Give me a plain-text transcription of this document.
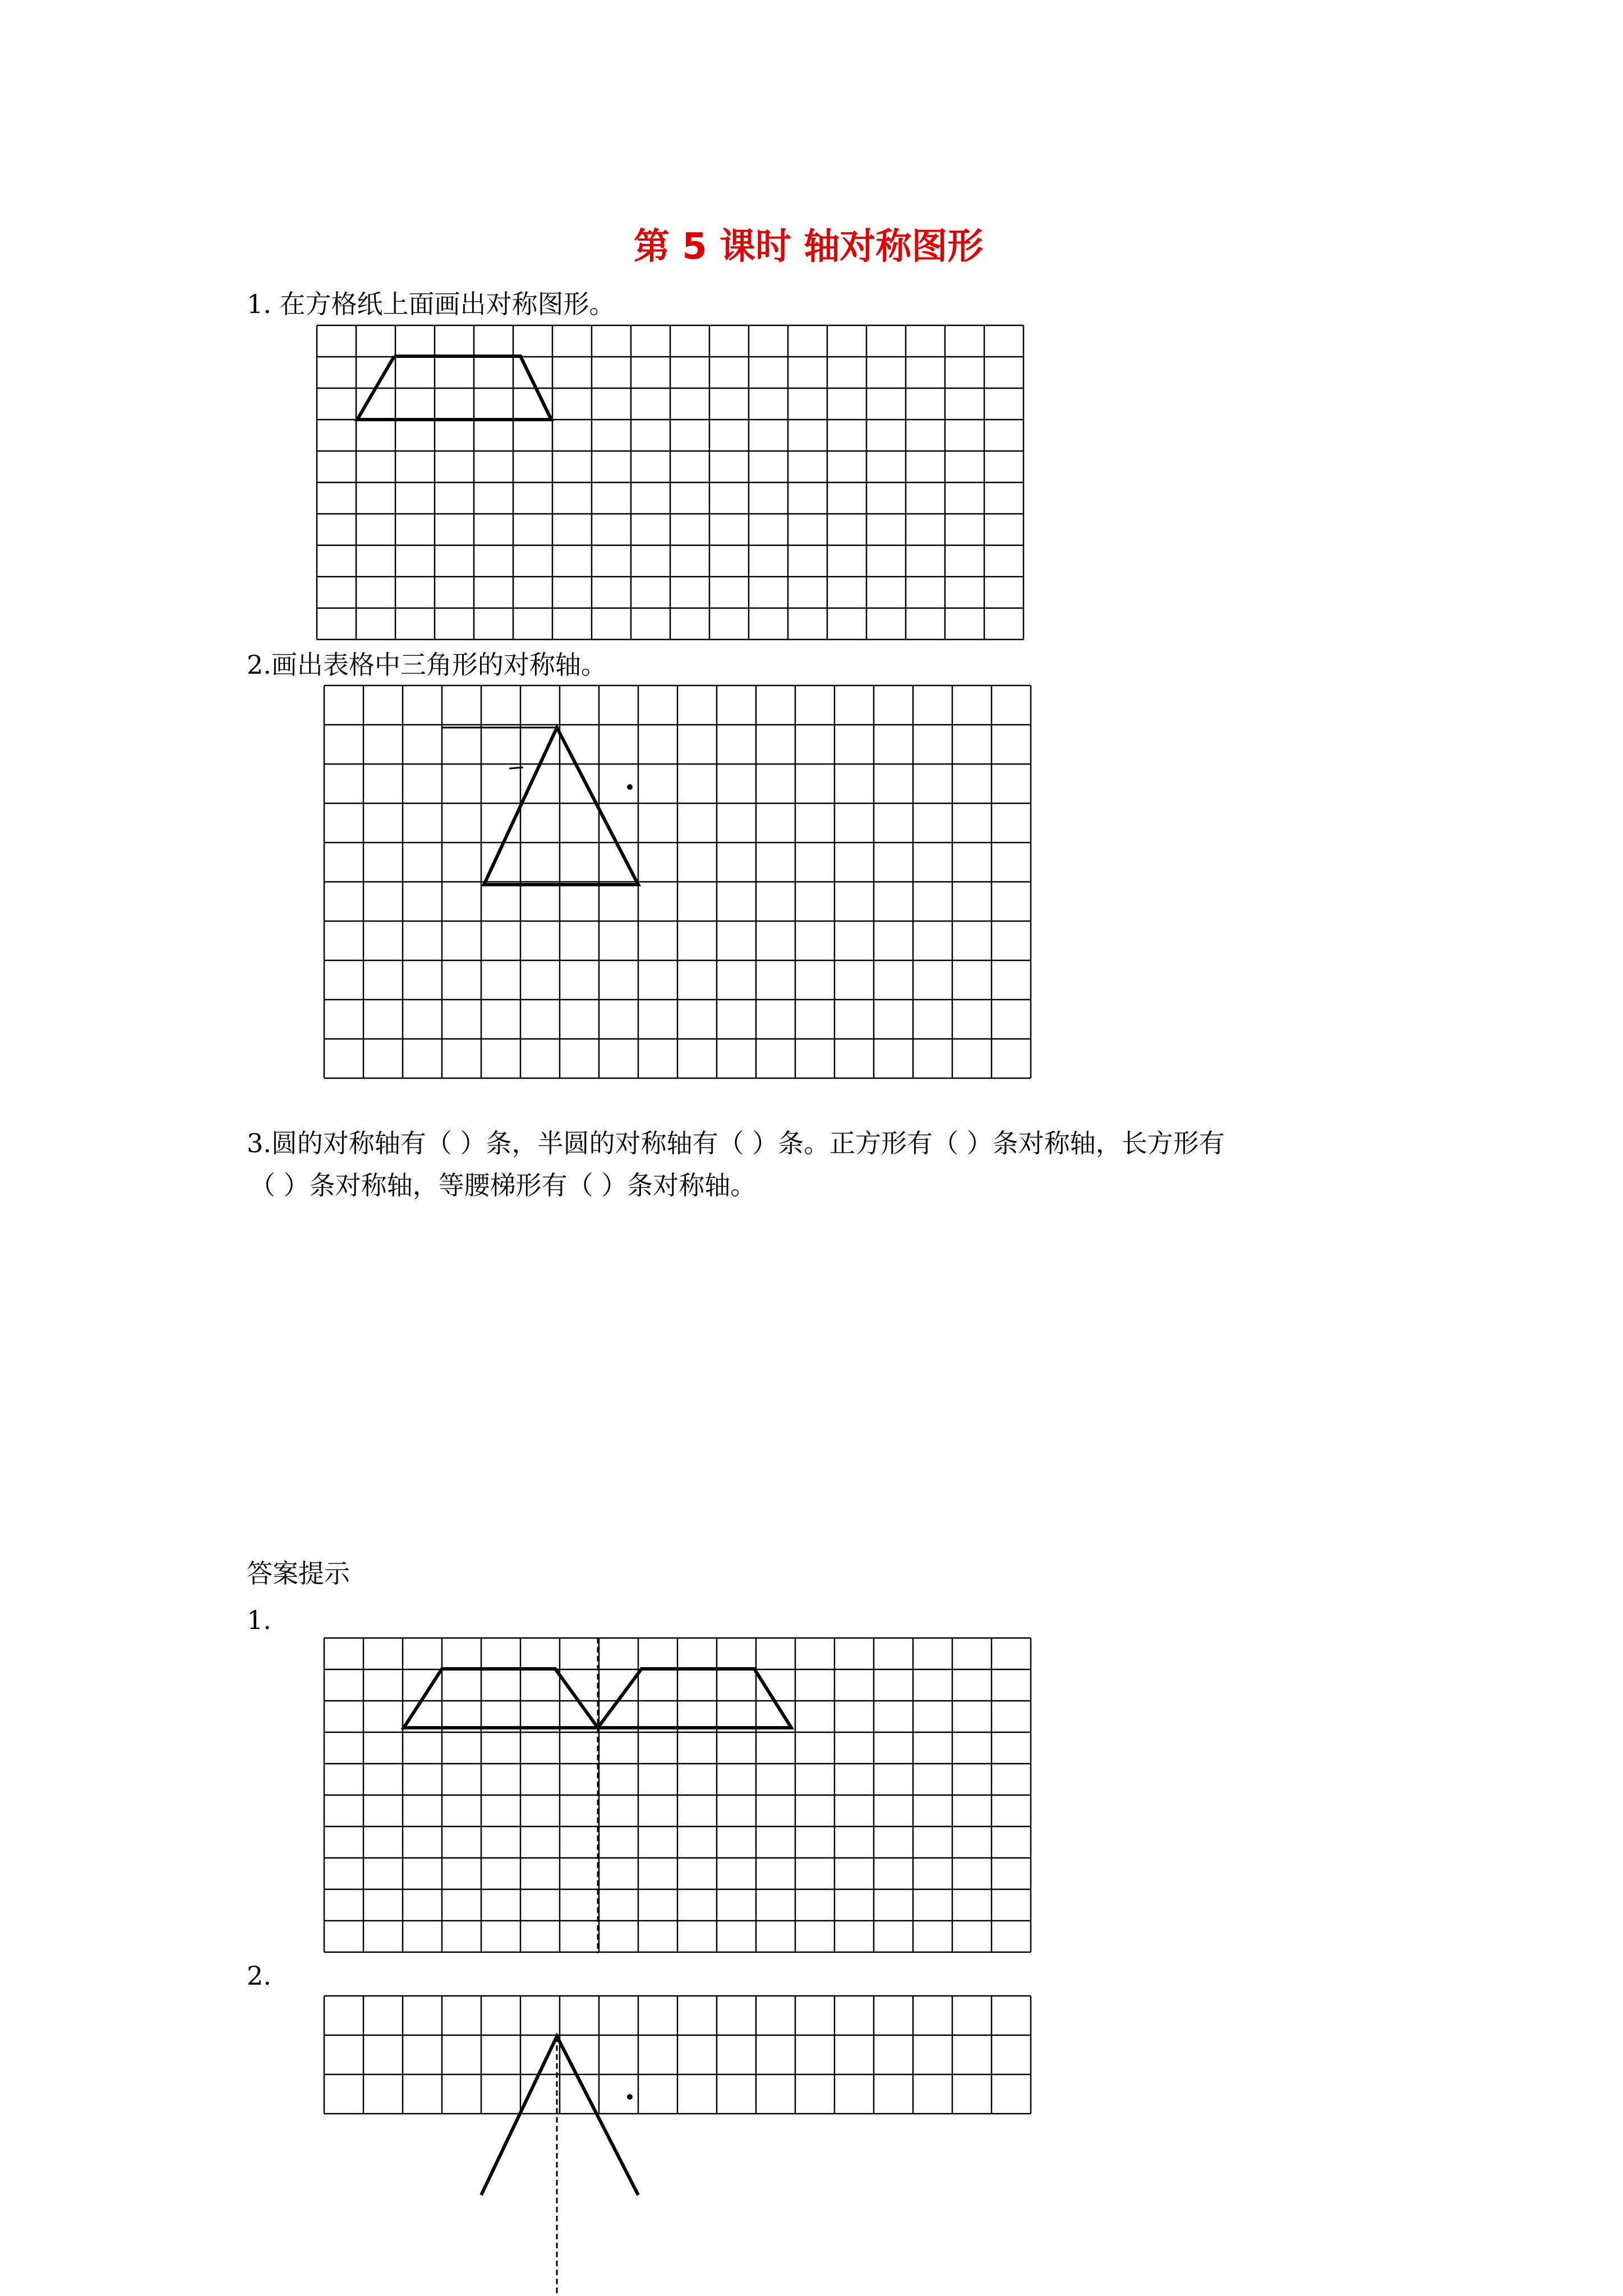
第 5 课时 轴对称图形
1. 在方格纸上面画出对称图形。
2.画出表格中三角形的对称轴。
3.圆的对称轴有（ ）条，半圆的对称轴有（ ）条。正方形有（ ）条对称轴，长方形有
（ ）条对称轴，等腰梯形有（ ）条对称轴。
答案提示
1.
2.
